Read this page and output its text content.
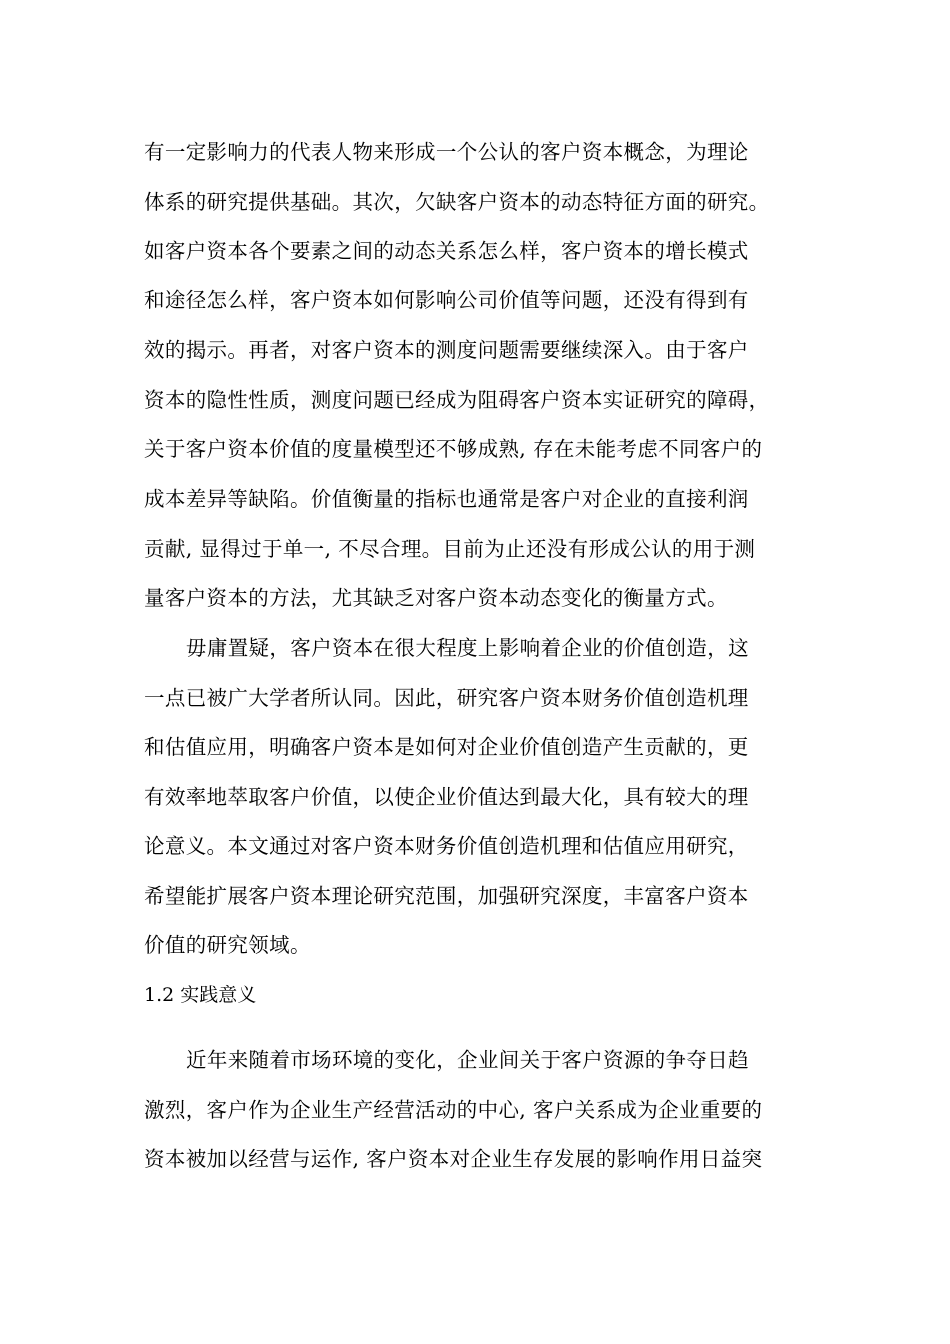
有一定影响力的代表人物来形成一个公认的客户资本概念，为理论
体系的研究提供基础。其次，欠缺客户资本的动态特征方面的研究。
如客户资本各个要素之间的动态关系怎么样，客户资本的增长模式
和途径怎么样，客户资本如何影响公司价值等问题，还没有得到有
效的揭示。再者，对客户资本的测度问题需要继续深入。由于客户
资本的隐性性质，测度问题已经成为阻碍客户资本实证研究的障碍，
关于客户资本价值的度量模型还不够成熟, 存在未能考虑不同客户的
成本差异等缺陷。价值衡量的指标也通常是客户对企业的直接利润
贡献, 显得过于单一, 不尽合理。目前为止还没有形成公认的用于测
量客户资本的方法，尤其缺乏对客户资本动态变化的衡量方式。
毋庸置疑，客户资本在很大程度上影响着企业的价值创造，这
一点已被广大学者所认同。因此，研究客户资本财务价值创造机理
和估值应用，明确客户资本是如何对企业价值创造产生贡献的，更
有效率地萃取客户价值，以使企业价值达到最大化，具有较大的理
论意义。本文通过对客户资本财务价值创造机理和估值应用研究，
希望能扩展客户资本理论研究范围，加强研究深度，丰富客户资本
价值的研究领域。
1.2 实践意义
近年来随着市场环境的变化，企业间关于客户资源的争夺日趋
激烈，客户作为企业生产经营活动的中心, 客户关系成为企业重要的
资本被加以经营与运作, 客户资本对企业生存发展的影响作用日益突
